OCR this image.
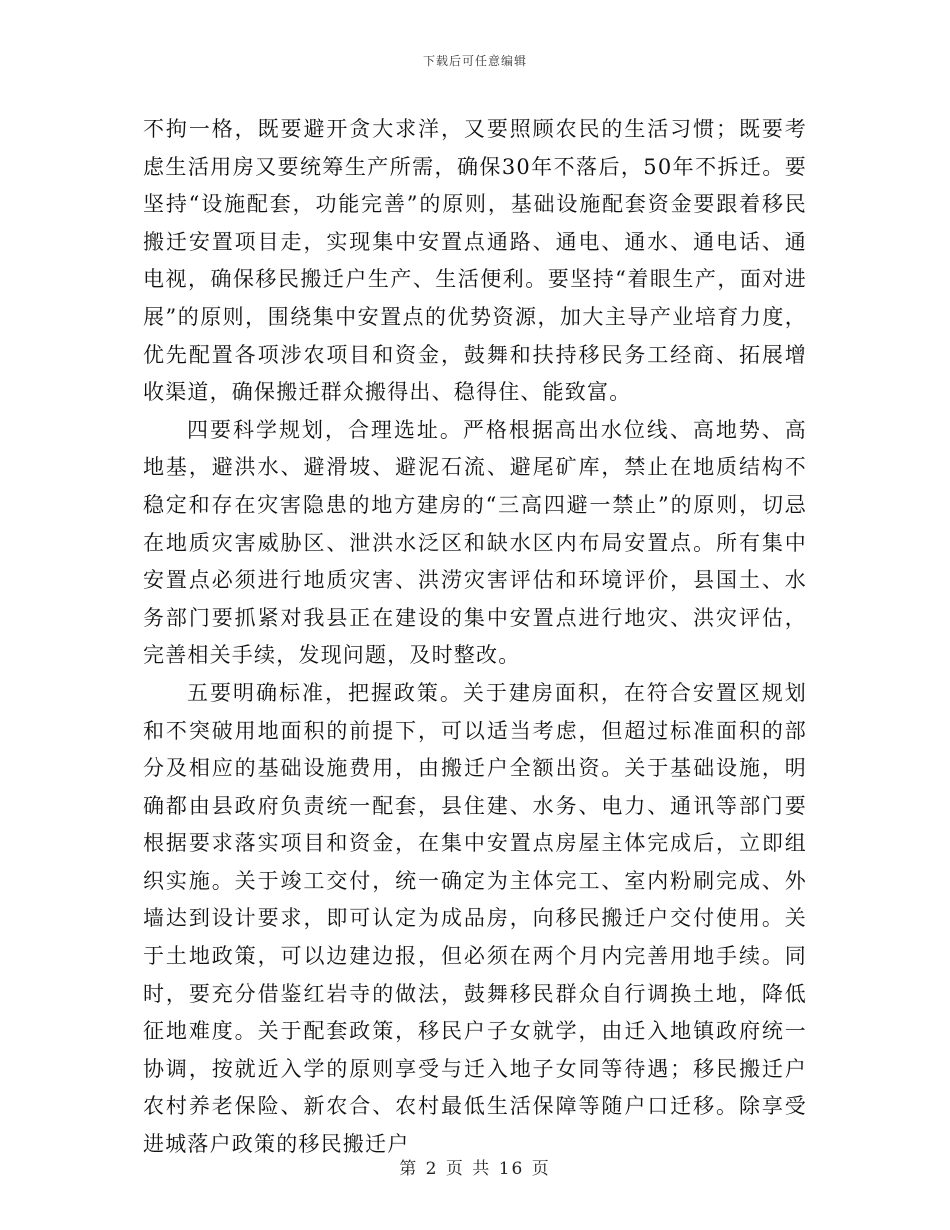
下载后可任意编辑

不拘一格，既要避开贪大求洋，又要照顾农民的生活习惯；既要考虑生活用房又要统筹生产所需，确保30年不落后，50年不拆迁。要坚持“设施配套，功能完善”的原则，基础设施配套资金要跟着移民搬迁安置项目走，实现集中安置点通路、通电、通水、通电话、通电视，确保移民搬迁户生产、生活便利。要坚持“着眼生产，面对进展”的原则，围绕集中安置点的优势资源，加大主导产业培育力度，优先配置各项涉农项目和资金，鼓舞和扶持移民务工经商、拓展增收渠道，确保搬迁群众搬得出、稳得住、能致富。

四要科学规划，合理选址。严格根据高出水位线、高地势、高地基，避洪水、避滑坡、避泥石流、避尾矿库，禁止在地质结构不稳定和存在灾害隐患的地方建房的“三高四避一禁止”的原则，切忌在地质灾害威胁区、泄洪水泛区和缺水区内布局安置点。所有集中安置点必须进行地质灾害、洪涝灾害评估和环境评价，县国土、水务部门要抓紧对我县正在建设的集中安置点进行地灾、洪灾评估，完善相关手续，发现问题，及时整改。

五要明确标准，把握政策。关于建房面积，在符合安置区规划和不突破用地面积的前提下，可以适当考虑，但超过标准面积的部分及相应的基础设施费用，由搬迁户全额出资。关于基础设施，明确都由县政府负责统一配套，县住建、水务、电力、通讯等部门要根据要求落实项目和资金，在集中安置点房屋主体完成后，立即组织实施。关于竣工交付，统一确定为主体完工、室内粉刷完成、外墙达到设计要求，即可认定为成品房，向移民搬迁户交付使用。关于土地政策，可以边建边报，但必须在两个月内完善用地手续。同时，要充分借鉴红岩寺的做法，鼓舞移民群众自行调换土地，降低征地难度。关于配套政策，移民户子女就学，由迁入地镇政府统一协调，按就近入学的原则享受与迁入地子女同等待遇；移民搬迁户农村养老保险、新农合、农村最低生活保障等随户口迁移。除享受进城落户政策的移民搬迁户

第 2 页 共 16 页
